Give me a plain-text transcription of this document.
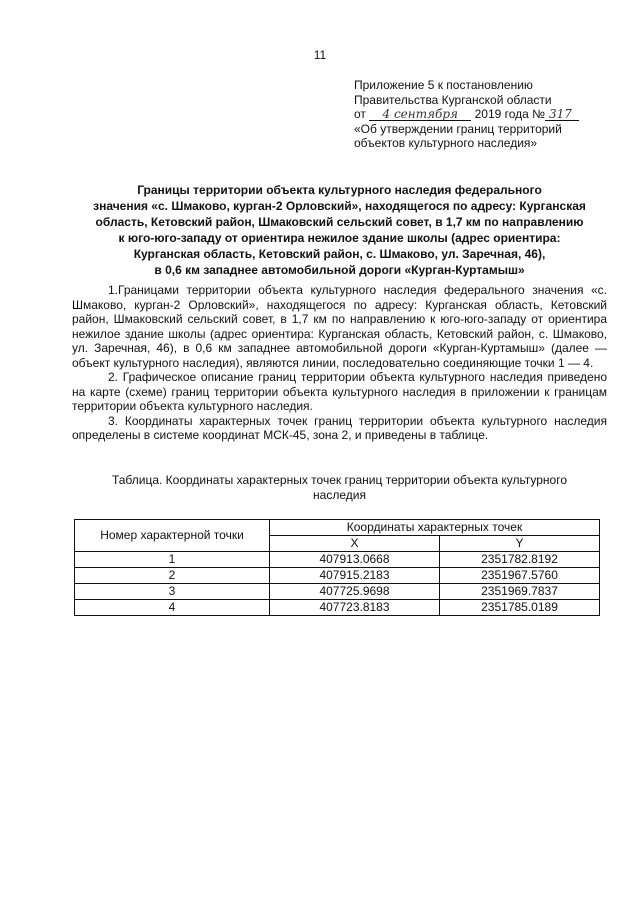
11
Приложение 5 к постановлению
Правительства Курганской области
от 4 сентября 2019 года № 317
«Об утверждении границ территорий
объектов культурного наследия»
Границы территории объекта культурного наследия федерального
значения «с. Шмаково, курган-2 Орловский», находящегося по адресу: Курганская
область, Кетовский район, Шмаковский сельский совет, в 1,7 км по направлению
к юго-юго-западу от ориентира нежилое здание школы (адрес ориентира:
Курганская область, Кетовский район, с. Шмаково, ул. Заречная, 46),
в 0,6 км западнее автомобильной дороги «Курган-Куртамыш»

1.Границами территории объекта культурного наследия федерального значения «с. Шмаково, курган-2 Орловский», находящегося по адресу: Курганская область, Кетовский район, Шмаковский сельский совет, в 1,7 км по направлению к юго-юго-западу от ориентира нежилое здание школы (адрес ориентира: Курганская область, Кетовский район, с. Шмаково, ул. Заречная, 46), в 0,6 км западнее автомобильной дороги «Курган-Куртамыш» (далее — объект культурного наследия), являются линии, последовательно соединяющие точки 1 — 4.

2. Графическое описание границ территории объекта культурного наследия приведено на карте (схеме) границ территории объекта культурного наследия в приложении к границам территории объекта культурного наследия.

3. Координаты характерных точек границ территории объекта культурного наследия определены в системе координат МСК-45, зона 2, и приведены в таблице.

Таблица. Координаты характерных точек границ территории объекта культурного
наследия
Номер характерной точки	Координаты характерных точек	
	X	Y
1	407913.0668	2351782.8192
2	407915.2183	2351967.5760
3	407725.9698	2351969.7837
4	407723.8183	2351785.0189
